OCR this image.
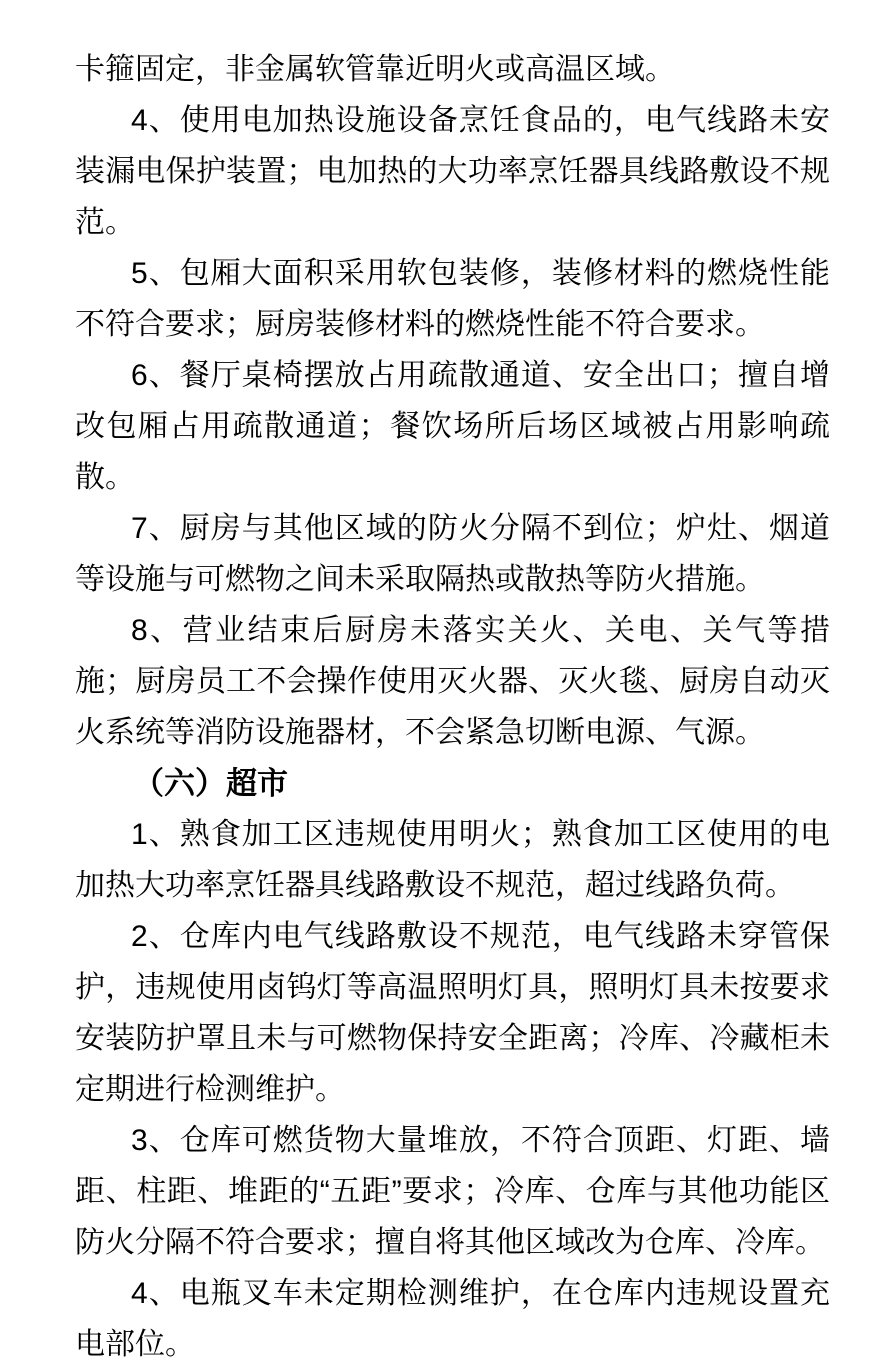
卡箍固定，非金属软管靠近明火或高温区域。

4、使用电加热设施设备烹饪食品的，电气线路未安装漏电保护装置；电加热的大功率烹饪器具线路敷设不规范。

5、包厢大面积采用软包装修，装修材料的燃烧性能不符合要求；厨房装修材料的燃烧性能不符合要求。

6、餐厅桌椅摆放占用疏散通道、安全出口；擅自增改包厢占用疏散通道；餐饮场所后场区域被占用影响疏散。

7、厨房与其他区域的防火分隔不到位；炉灶、烟道等设施与可燃物之间未采取隔热或散热等防火措施。

8、营业结束后厨房未落实关火、关电、关气等措施；厨房员工不会操作使用灭火器、灭火毯、厨房自动灭火系统等消防设施器材，不会紧急切断电源、气源。

（六）超市

1、熟食加工区违规使用明火；熟食加工区使用的电加热大功率烹饪器具线路敷设不规范，超过线路负荷。

2、仓库内电气线路敷设不规范，电气线路未穿管保护，违规使用卤钨灯等高温照明灯具，照明灯具未按要求安装防护罩且未与可燃物保持安全距离；冷库、冷藏柜未定期进行检测维护。

3、仓库可燃货物大量堆放，不符合顶距、灯距、墙距、柱距、堆距的“五距”要求；冷库、仓库与其他功能区防火分隔不符合要求；擅自将其他区域改为仓库、冷库。

4、电瓶叉车未定期检测维护，在仓库内违规设置充电部位。
